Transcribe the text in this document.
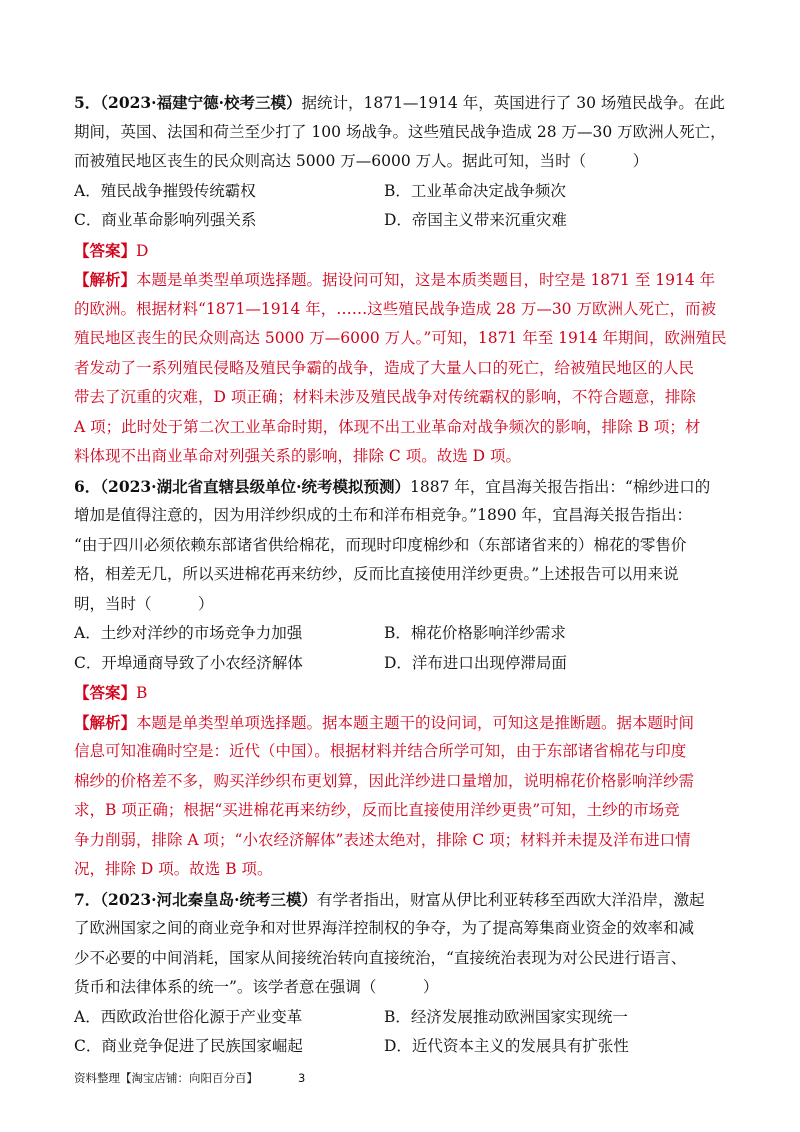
5．（2023·福建宁德·校考三模）据统计，1871—1914 年，英国进行了 30 场殖民战争。在此
期间，英国、法国和荷兰至少打了 100 场战争。这些殖民战争造成 28 万—30 万欧洲人死亡，
而被殖民地区丧生的民众则高达 5000 万—6000 万人。据此可知，当时（　　　）
A．殖民战争摧毁传统霸权	B．工业革命决定战争频次
C．商业革命影响列强关系	D．帝国主义带来沉重灾难
【答案】D
【解析】本题是单类型单项选择题。据设问可知，这是本质类题目，时空是 1871 至 1914 年
的欧洲。根据材料“1871—1914 年，……这些殖民战争造成 28 万—30 万欧洲人死亡，而被
殖民地区丧生的民众则高达 5000 万—6000 万人。”可知，1871 年至 1914 年期间，欧洲殖民
者发动了一系列殖民侵略及殖民争霸的战争，造成了大量人口的死亡，给被殖民地区的人民
带去了沉重的灾难，D 项正确；材料未涉及殖民战争对传统霸权的影响，不符合题意，排除
A 项；此时处于第二次工业革命时期，体现不出工业革命对战争频次的影响，排除 B 项；材
料体现不出商业革命对列强关系的影响，排除 C 项。故选 D 项。
6．（2023·湖北省直辖县级单位·统考模拟预测）1887 年，宜昌海关报告指出：“棉纱进口的
增加是值得注意的，因为用洋纱织成的土布和洋布相竞争。”1890 年，宜昌海关报告指出：
“由于四川必须依赖东部诸省供给棉花，而现时印度棉纱和（东部诸省来的）棉花的零售价
格，相差无几，所以买进棉花再来纺纱，反而比直接使用洋纱更贵。”上述报告可以用来说
明，当时（　　　）
A．土纱对洋纱的市场竞争力加强	B．棉花价格影响洋纱需求
C．开埠通商导致了小农经济解体	D．洋布进口出现停滞局面
【答案】B
【解析】本题是单类型单项选择题。据本题主题干的设问词，可知这是推断题。据本题时间
信息可知准确时空是：近代（中国）。根据材料并结合所学可知，由于东部诸省棉花与印度
棉纱的价格差不多，购买洋纱织布更划算，因此洋纱进口量增加，说明棉花价格影响洋纱需
求，B 项正确；根据“买进棉花再来纺纱，反而比直接使用洋纱更贵”可知，土纱的市场竞
争力削弱，排除 A 项；“小农经济解体”表述太绝对，排除 C 项；材料并未提及洋布进口情
况，排除 D 项。故选 B 项。
7．（2023·河北秦皇岛·统考三模）有学者指出，财富从伊比利亚转移至西欧大洋沿岸，激起
了欧洲国家之间的商业竞争和对世界海洋控制权的争夺，为了提高筹集商业资金的效率和减
少不必要的中间消耗，国家从间接统治转向直接统治，“直接统治表现为对公民进行语言、
货币和法律体系的统一”。该学者意在强调（　　　）
A．西欧政治世俗化源于产业变革	B．经济发展推动欧洲国家实现统一
C．商业竞争促进了民族国家崛起	D．近代资本主义的发展具有扩张性
资料整理【淘宝店铺：向阳百分百】	3
